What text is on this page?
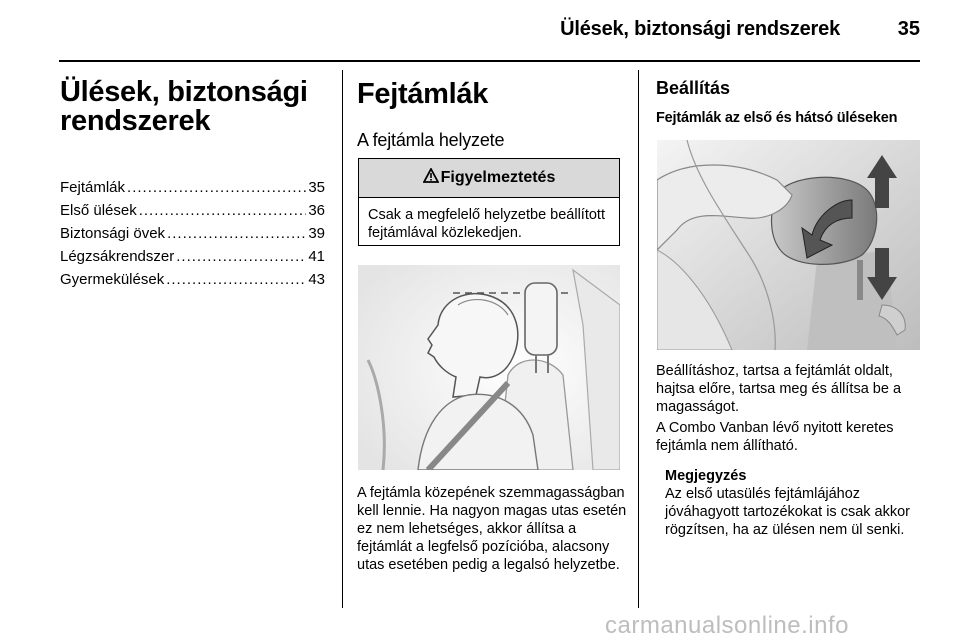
Ülések, biztonsági rendszerek	35
Ülések, biztonsági rendszerek
Fejtámlák .....	35
Első ülések .....	36
Biztonsági övek .....	39
Légzsákrendszer .....	41
Gyermekülések .....	43
Fejtámlák
A fejtámla helyzete
Figyelmeztetés
Csak a megfelelő helyzetbe beállított fejtámlával közlekedjen.
A fejtámla közepének szemmagasságban kell lennie. Ha nagyon magas utas esetén ez nem lehetséges, akkor állítsa a fejtámlát a legfelső pozícióba, alacsony utas esetében pedig a legalsó helyzetbe.
Beállítás
Fejtámlák az első és hátsó üléseken
Beállításhoz, tartsa a fejtámlát oldalt, hajtsa előre, tartsa meg és állítsa be a magasságot.
A Combo Vanban lévő nyitott keretes fejtámla nem állítható.
Megjegyzés
Az első utasülés fejtámlájához jóváhagyott tartozékokat is csak akkor rögzítsen, ha az ülésen nem ül senki.
carmanualsonline.info
